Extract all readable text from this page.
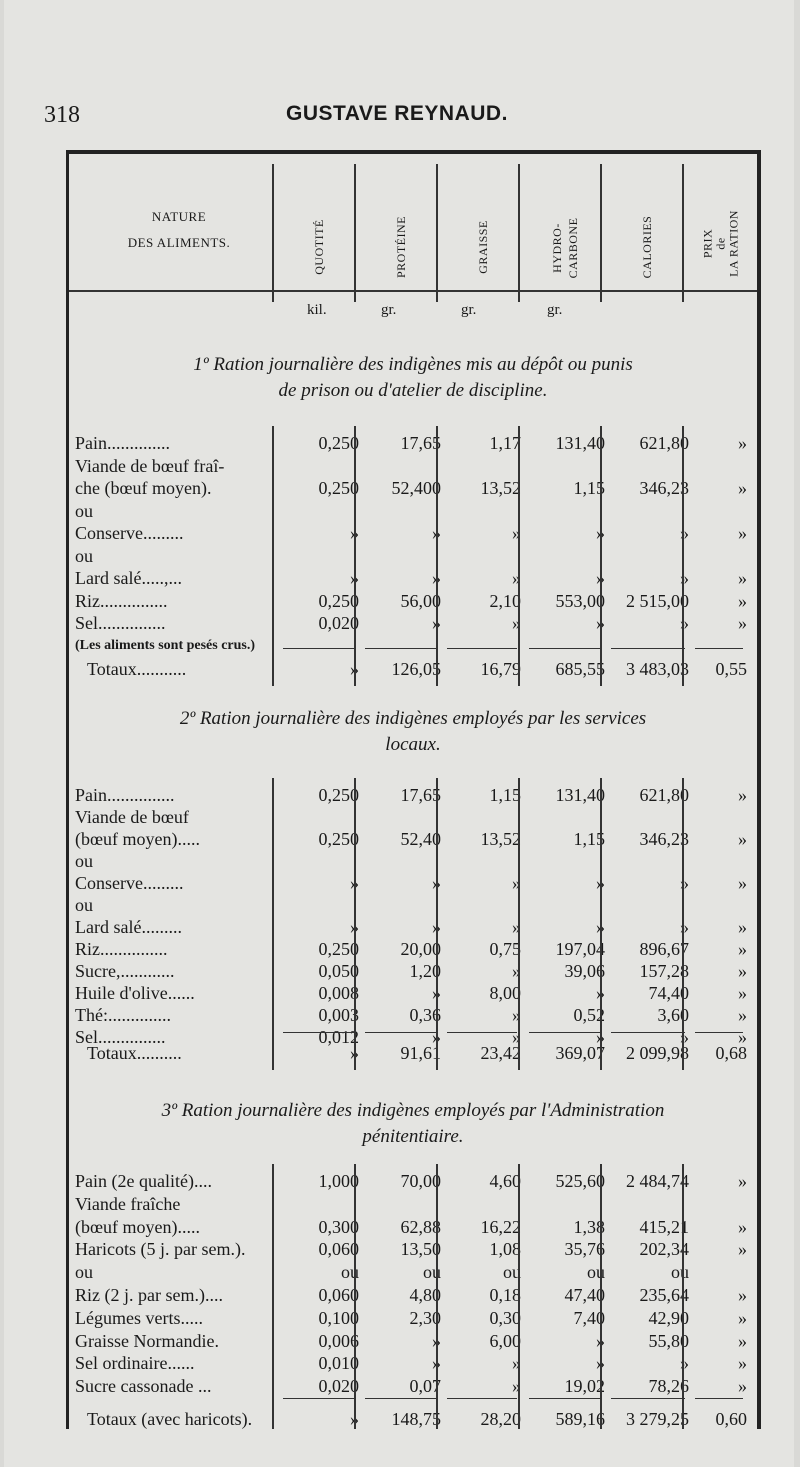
318	GUSTAVE REYNAUD.
NATURE
DES ALIMENTS.	QUOTITÉ	PROTÉINE	GRAISSE	HYDRO- CARBONE	CALORIES	PRIX de LA RATION
kil.	gr.	gr.	gr.
1º Ration journalière des indigènes mis au dépôt ou punis
de prison ou d'atelier de discipline.
Pain..............	0,250	17,65	1,17	131,40	621,80	»
Viande de bœuf fraî-
che (bœuf moyen).	0,250	52,400	13,52	1,15	346,23	»
ou
Conserve.........	»	»	»	»	»	»
ou
Lard salé.....,...	»	»	»	»	»	»
Riz...............	0,250	56,00	2,10	553,00	2 515,00	»
Sel...............	0,020	»	»	»	»	»
(Les aliments sont pesés crus.)
Totaux...........	»	126,05	16,79	685,55	3 483,03	0,55
2º Ration journalière des indigènes employés par les services
locaux.
Pain...............	0,250	17,65	1,15	131,40	621,80	»
Viande de bœuf
(bœuf moyen).....	0,250	52,40	13,52	1,15	346,23	»
ou
Conserve.........	»	»	»	»	»	»
ou
Lard salé.........	»	»	»	»	»	»
Riz...............	0,250	20,00	0,75	197,04	896,67	»
Sucre,............	0,050	1,20	»	39,06	157,28	»
Huile d'olive......	0,008	»	8,00	»	74,40	»
Thé:..............	0,003	0,36	»	0,52	3,60	»
Sel...............	0,012	»	»	»	»	»
Totaux..........	»	91,61	23,42	369,07	2 099,98	0,68
3º Ration journalière des indigènes employés par l'Administration
pénitentiaire.
Pain (2e qualité)....	1,000	70,00	4,60	525,60	2 484,74	»
Viande fraîche
(bœuf moyen).....	0,300	62,88	16,22	1,38	415,21	»
Haricots (5 j. par sem.).	0,060	13,50	1,08	35,76	202,34	»
ou	ou	ou	ou	ou	ou
Riz (2 j. par sem.)....	0,060	4,80	0,18	47,40	235,64	»
Légumes verts.....	0,100	2,30	0,30	7,40	42,90	»
Graisse Normandie.	0,006	»	6,00	»	55,80	»
Sel ordinaire......	0,010	»	»	»	»	»
Sucre cassonade ...	0,020	0,07	»	19,02	78,26	»
Totaux (avec haricots).	»	148,75	28,20	589,16	3 279,25	0,60
